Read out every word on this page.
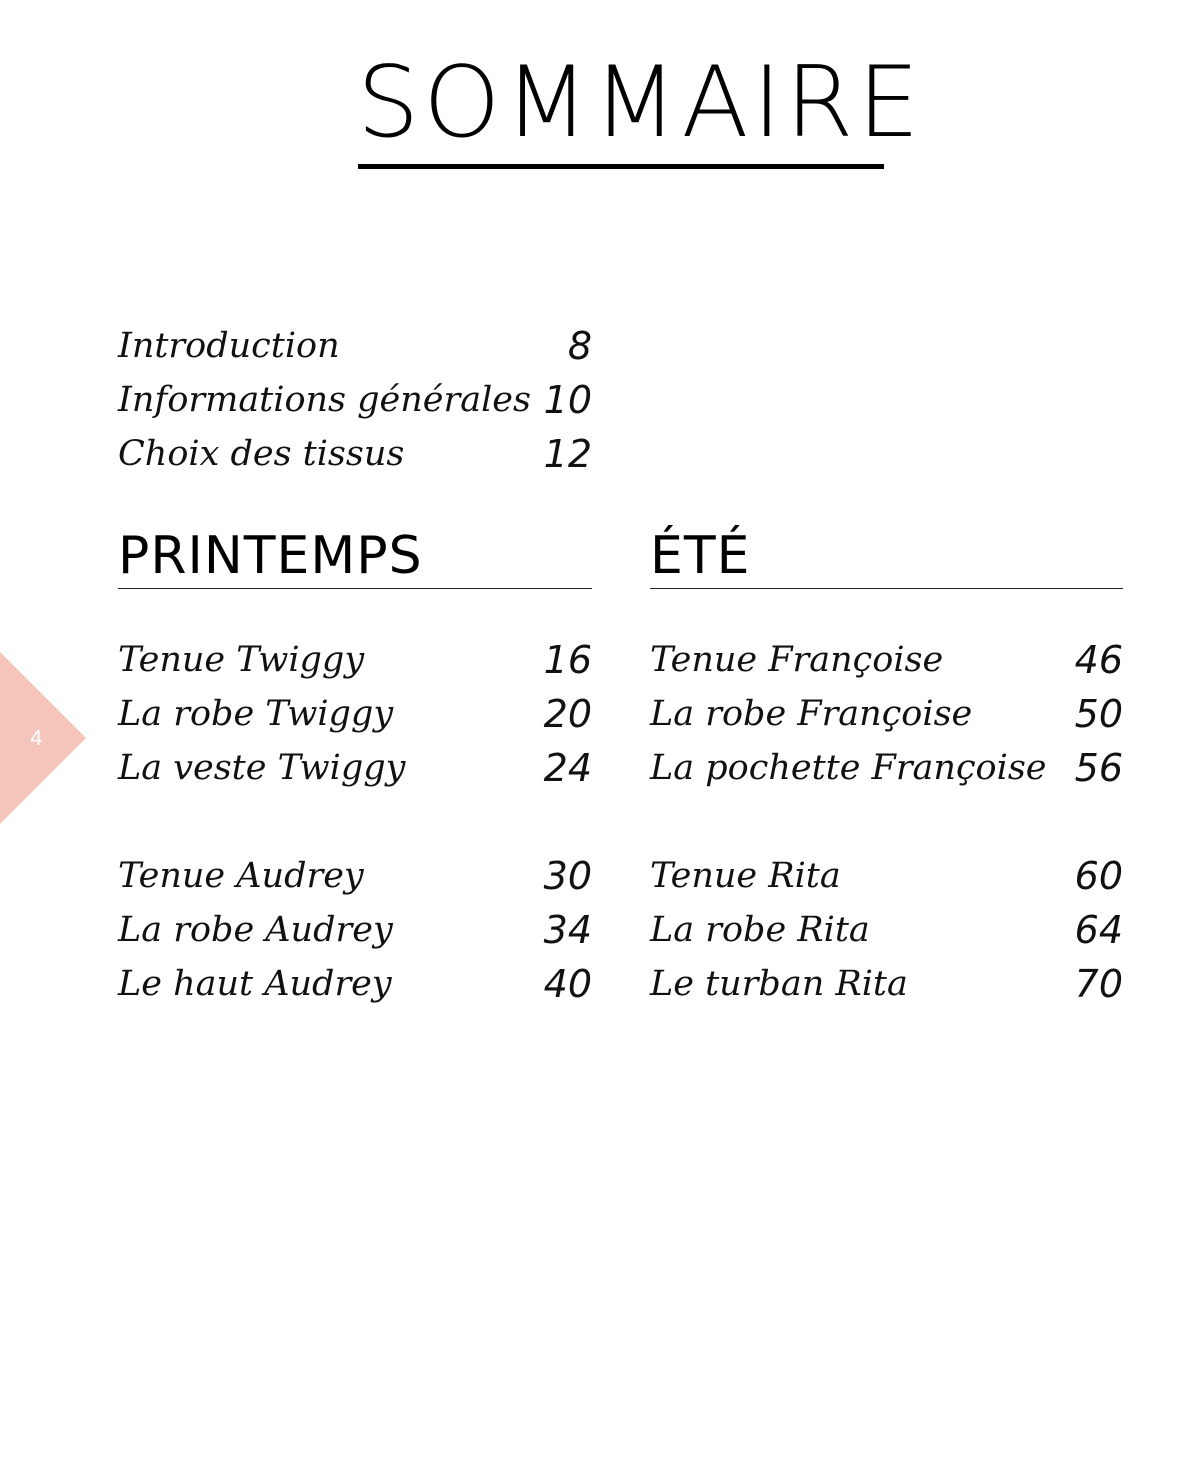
SOMMAIRE
Introduction	8
Informations générales 10
Choix des tissus	12
PRINTEMPS
Tenue Twiggy	16
La robe Twiggy	20
La veste Twiggy	24
Tenue Audrey	30
La robe Audrey	34
Le haut Audrey	40
ÉTÉ
Tenue Françoise	46
La robe Françoise	50
La pochette Françoise 56
Tenue Rita	60
La robe Rita	64
Le turban Rita	70
4
